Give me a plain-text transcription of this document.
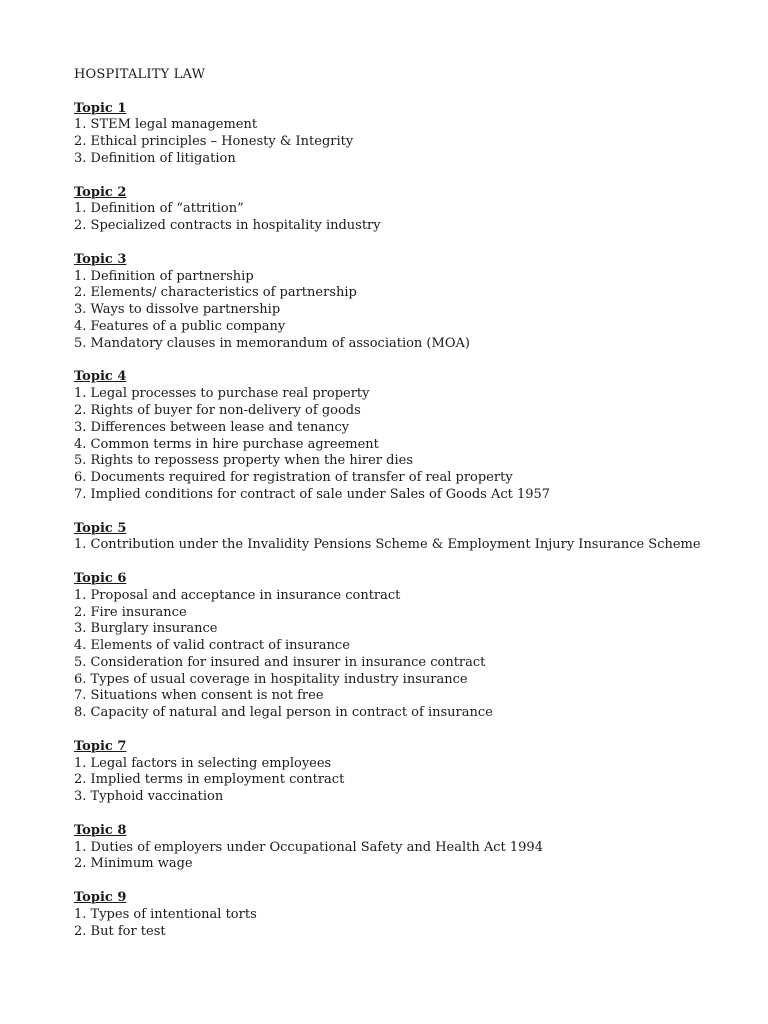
HOSPITALITY LAW
Topic 1
1. STEM legal management
2. Ethical principles – Honesty & Integrity
3. Definition of litigation
Topic 2
1. Definition of “attrition”
2. Specialized contracts in hospitality industry
Topic 3
1. Definition of partnership
2. Elements/ characteristics of partnership
3. Ways to dissolve partnership
4. Features of a public company
5. Mandatory clauses in memorandum of association (MOA)
Topic 4
1. Legal processes to purchase real property
2. Rights of buyer for non-delivery of goods
3. Differences between lease and tenancy
4. Common terms in hire purchase agreement
5. Rights to repossess property when the hirer dies
6. Documents required for registration of transfer of real property
7. Implied conditions for contract of sale under Sales of Goods Act 1957
Topic 5
1. Contribution under the Invalidity Pensions Scheme & Employment Injury Insurance Scheme
Topic 6
1. Proposal and acceptance in insurance contract
2. Fire insurance
3. Burglary insurance
4. Elements of valid contract of insurance
5. Consideration for insured and insurer in insurance contract
6. Types of usual coverage in hospitality industry insurance
7. Situations when consent is not free
8. Capacity of natural and legal person in contract of insurance
Topic 7
1. Legal factors in selecting employees
2. Implied terms in employment contract
3. Typhoid vaccination
Topic 8
1. Duties of employers under Occupational Safety and Health Act 1994
2. Minimum wage
Topic 9
1. Types of intentional torts
2. But for test
